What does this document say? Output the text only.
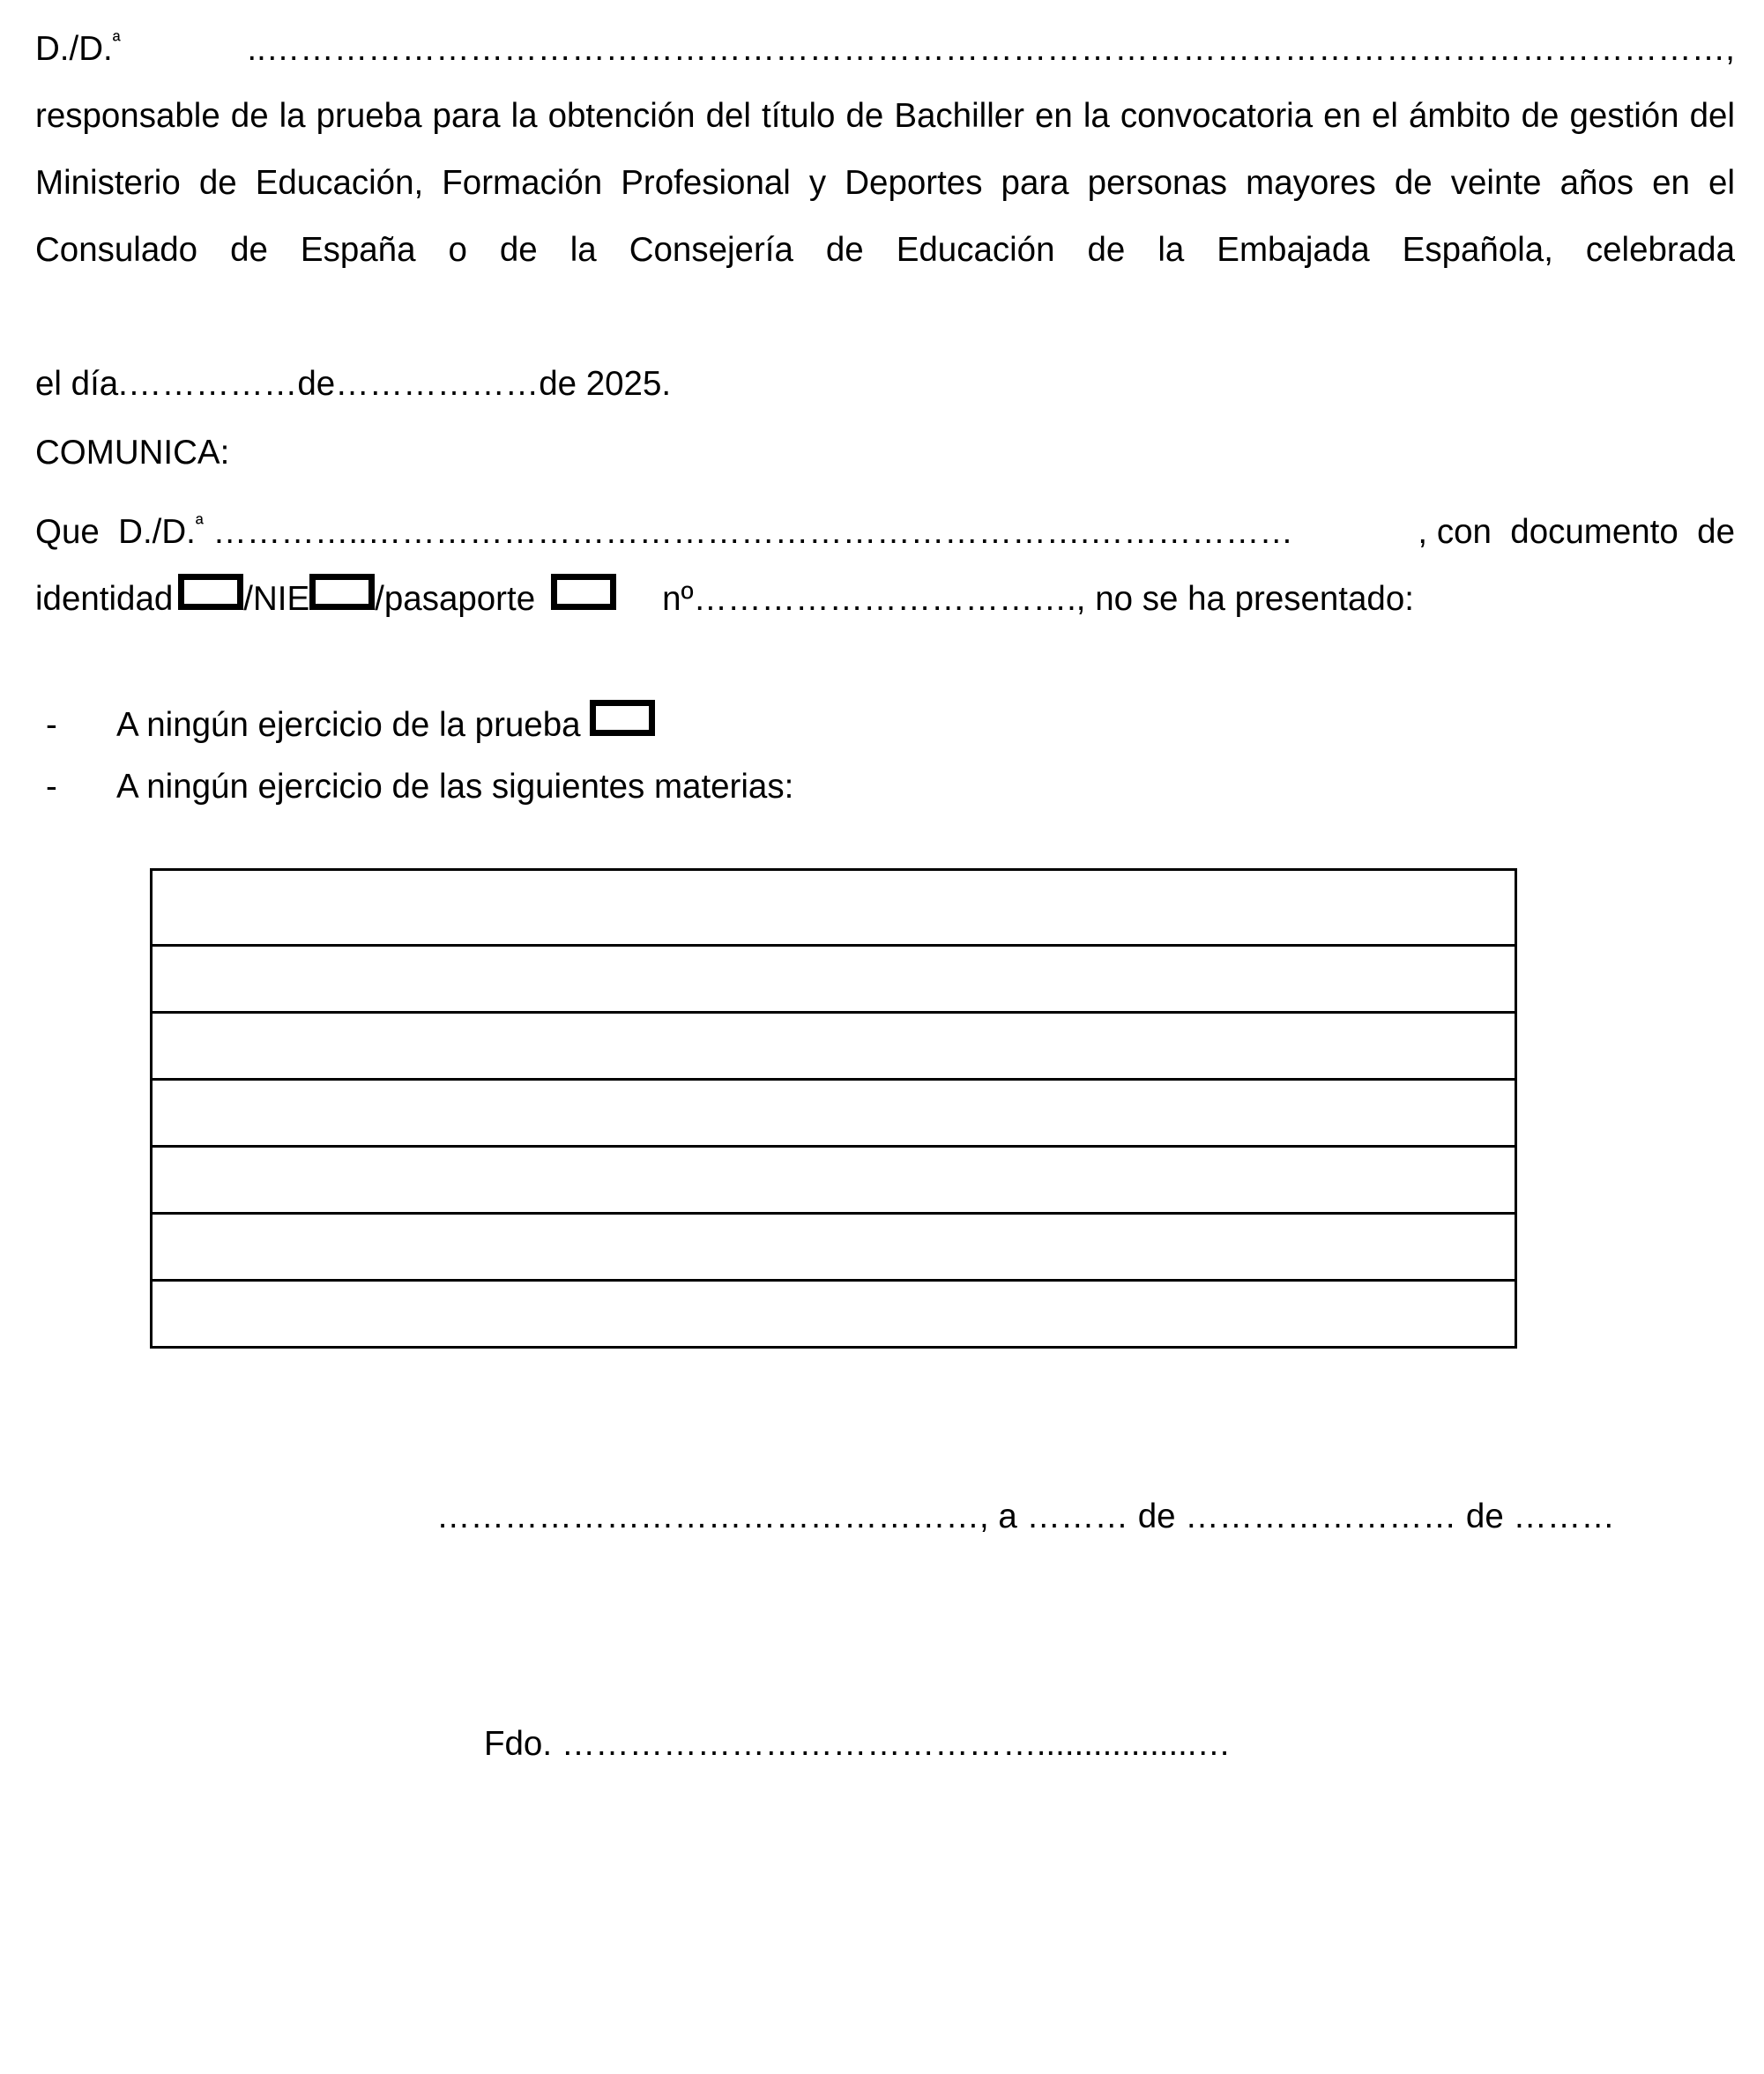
D./D.$^ª$ ..…………………………………………………………………………………………………………………, responsable de la prueba para la obtención del título de Bachiller en la convocatoria en el ámbito de gestión del Ministerio de Educación, Formación Profesional y Deportes para personas mayores de veinte años en el Consulado de España o de la Consejería de Educación de la Embajada Española, celebrada

el día.……………de………………de 2025.

COMUNICA:
Que  D./D.$^ª$ …………..……………………………………………………….………………	, con  documento  de
identidad /NIE /pasaporte	nº ……………………………. , no se ha presentado:
-	A ningún ejercicio de la prueba
-	A ningún ejercicio de las siguientes materias:

…………………………………………, a ……… de …………………… de ………
Fdo. …………………………………….................…
